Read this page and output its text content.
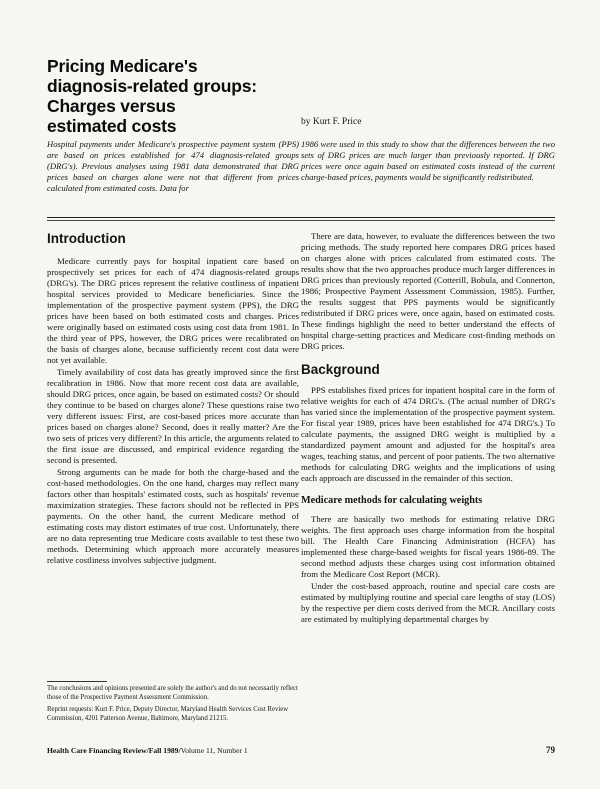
Pricing Medicare's
diagnosis-related groups:
Charges versus
estimated costs	by Kurt F. Price

Hospital payments under Medicare's prospective payment system (PPS) are based on prices established for 474 diagnosis-related groups (DRG's). Previous analyses using 1981 data demonstrated that DRG prices based on charges alone were not that different from prices calculated from estimated costs. Data for

1986 were used in this study to show that the differences between the two sets of DRG prices are much larger than previously reported. If DRG prices were once again based on estimated costs instead of the current charge-based prices, payments would be significantly redistributed.

Introduction

Medicare currently pays for hospital inpatient care based on prospectively set prices for each of 474 diagnosis-related groups (DRG's). The DRG prices represent the relative costliness of inpatient hospital services provided to Medicare beneficiaries. Since the implementation of the prospective payment system (PPS), the DRG prices have been based on both estimated costs and charges. Prices were originally based on estimated costs using cost data from 1981. In the third year of PPS, however, the DRG prices were recalibrated on the basis of charges alone, because sufficiently recent cost data were not yet available.

Timely availability of cost data has greatly improved since the first recalibration in 1986. Now that more recent cost data are available, should DRG prices, once again, be based on estimated costs? Or should they continue to be based on charges alone? These questions raise two very different issues: First, are cost-based prices more accurate than prices based on charges alone? Second, does it really matter? Are the two sets of prices very different? In this article, the arguments related to the first issue are discussed, and empirical evidence regarding the second is presented.

Strong arguments can be made for both the charge-based and the cost-based methodologies. On the one hand, charges may reflect many factors other than hospitals' estimated costs, such as hospitals' revenue maximization strategies. These factors should not be reflected in PPS payments. On the other hand, the current Medicare method of estimating costs may distort estimates of true cost. Unfortunately, there are no data representing true Medicare costs available to test these two methods. Determining which approach more accurately measures relative costliness involves subjective judgment.

There are data, however, to evaluate the differences between the two pricing methods. The study reported here compares DRG prices based on charges alone with prices calculated from estimated costs. The results show that the two approaches produce much larger differences in DRG prices than previously reported (Cotterill, Bobula, and Connerton, 1986; Prospective Payment Assessment Commission, 1985). Further, the results suggest that PPS payments would be significantly redistributed if DRG prices were, once again, based on estimated costs. These findings highlight the need to better understand the effects of hospital charge-setting practices and Medicare cost-finding methods on DRG prices.

Background

PPS establishes fixed prices for inpatient hospital care in the form of relative weights for each of 474 DRG's. (The actual number of DRG's has varied since the implementation of the prospective payment system. For fiscal year 1989, prices have been established for 474 DRG's.) To calculate payments, the assigned DRG weight is multiplied by a standardized payment amount and adjusted for the hospital's area wages, teaching status, and percent of poor patients. The two alternative methods for calculating DRG weights and the implications of using each approach are discussed in the remainder of this section.

Medicare methods for calculating weights

There are basically two methods for estimating relative DRG weights. The first approach uses charge information from the hospital bill. The Health Care Financing Administration (HCFA) has implemented these charge-based weights for fiscal years 1986-89. The second method adjusts these charges using cost information obtained from the Medicare Cost Report (MCR).

Under the cost-based approach, routine and special care costs are estimated by multiplying routine and special care lengths of stay (LOS) by the respective per diem costs derived from the MCR. Ancillary costs are estimated by multiplying departmental charges by

The conclusions and opinions presented are solely the author's and do not necessarily reflect those of the Prospective Payment Assessment Commission.

Reprint requests: Kurt F. Price, Deputy Director, Maryland Health Services Cost Review Commission, 4201 Patterson Avenue, Baltimore, Maryland 21215.

Health Care Financing Review/Fall 1989/Volume 11, Number 1	79
